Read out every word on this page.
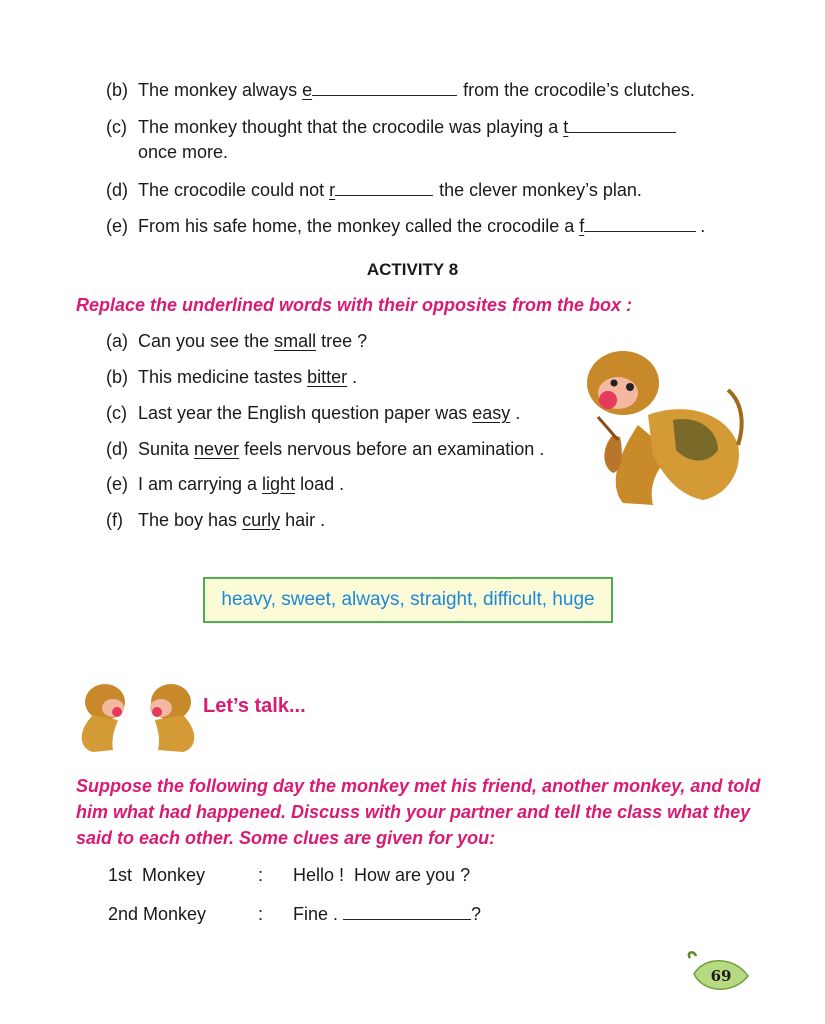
(b) The monkey always e	from the crocodile’s clutches.
(c) The monkey thought that the crocodile was playing a t
once more.
(d) The crocodile could not r	the clever monkey’s plan.
(e) From his safe home, the monkey called the crocodile a f	.
ACTIVITY 8
Replace the underlined words with their opposites from the box :
(a) Can you see the small tree ?
(b) This medicine tastes bitter .
(c) Last year the English question paper was easy .
(d) Sunita never feels nervous before an examination .
(e) I am carrying a light load .
(f) The boy has curly hair .
heavy, sweet, always, straight, difficult, huge
Let’s talk...
Suppose the following day the monkey met his friend, another monkey, and told him what had happened. Discuss with your partner and tell the class what they said to each other. Some clues are given for you:
1st  Monkey	: Hello !  How are you ?
2nd Monkey	: Fine .	?
69
